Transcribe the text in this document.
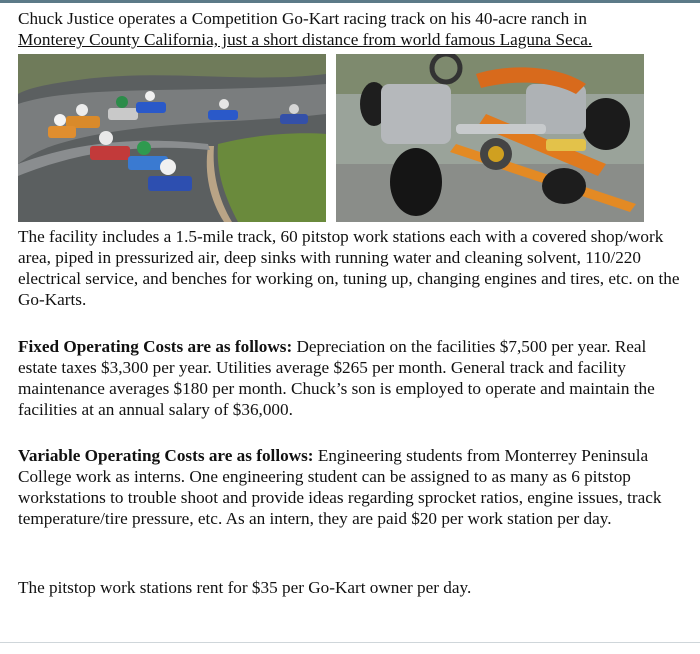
Chuck Justice operates a Competition Go-Kart racing track on his 40-acre ranch in
Monterey County California, just a short distance from world famous Laguna Seca.
The facility includes a 1.5-mile track, 60 pitstop work stations each with a covered shop/work area, piped in pressurized air, deep sinks with running water and cleaning solvent, 110/220 electrical service, and benches for working on, tuning up, changing engines and tires, etc. on the Go-Karts.
Fixed Operating Costs are as follows: Depreciation on the facilities $7,500 per year. Real estate taxes $3,300 per year. Utilities average $265 per month. General track and facility maintenance averages $180 per month. Chuck’s son is employed to operate and maintain the facilities at an annual salary of $36,000.
Variable Operating Costs are as follows: Engineering students from Monterrey Peninsula College work as interns. One engineering student can be assigned to as many as 6 pitstop workstations to trouble shoot and provide ideas regarding sprocket ratios, engine issues, track temperature/tire pressure, etc. As an intern, they are paid $20 per work station per day.
The pitstop work stations rent for $35 per Go-Kart owner per day.
